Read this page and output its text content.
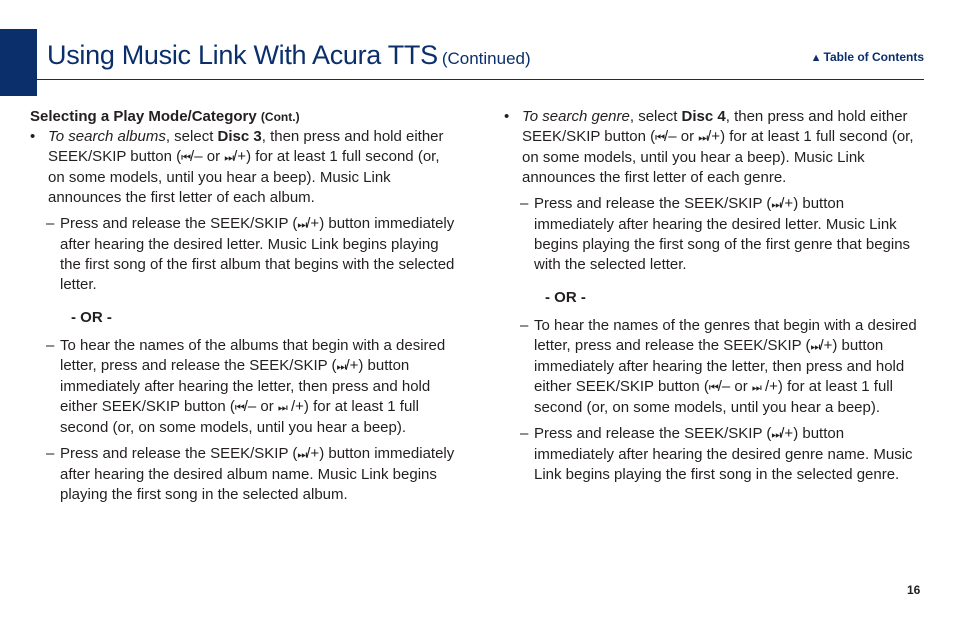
Using Music Link With Acura TTS (Continued)	▲ Table of Contents
Selecting a Play Mode/Category (Cont.)
• To search albums, select Disc 3, then press and hold either SEEK/SKIP button (⏮/– or ⏭/+) for at least 1 full second (or, on some models, until you hear a beep). Music Link announces the first letter of each album.
– Press and release the SEEK/SKIP (⏭/+) button immediately after hearing the desired letter. Music Link begins playing the first song of the first album that begins with the selected letter.
- OR -
– To hear the names of the albums that begin with a desired letter, press and release the SEEK/SKIP (⏭/+) button immediately after hearing the letter, then press and hold either SEEK/SKIP button (⏮/– or ⏭ /+) for at least 1 full second (or, on some models, until you hear a beep).
– Press and release the SEEK/SKIP (⏭/+) button immediately after hearing the desired album name. Music Link begins playing the first song in the selected album.
• To search genre, select Disc 4, then press and hold either SEEK/SKIP button (⏮/– or ⏭/+) for at least 1 full second (or, on some models, until you hear a beep). Music Link announces the first letter of each genre.
– Press and release the SEEK/SKIP (⏭/+) button immediately after hearing the desired letter. Music Link begins playing the first song of the first genre that begins with the selected letter.
- OR -
– To hear the names of the genres that begin with a desired letter, press and release the SEEK/SKIP (⏭/+) button immediately after hearing the letter, then press and hold either SEEK/SKIP button (⏮/– or ⏭ /+) for at least 1 full second (or, on some models, until you hear a beep).
– Press and release the SEEK/SKIP (⏭/+) button immediately after hearing the desired genre name. Music Link begins playing the first song in the selected genre.
16
